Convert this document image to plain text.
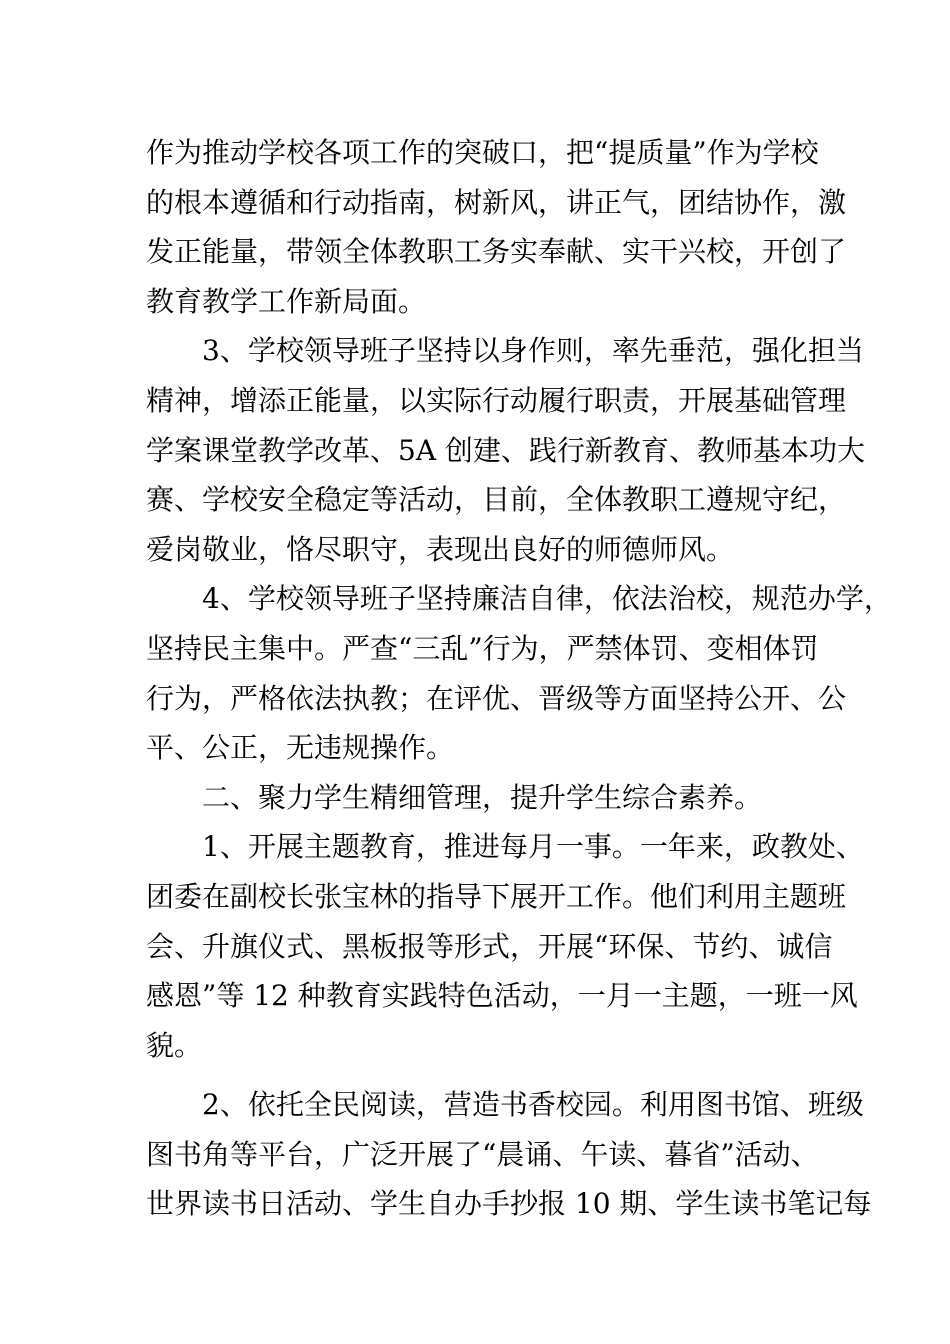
作为推动学校各项工作的突破口，把“提质量”作为学校
的根本遵循和行动指南，树新风，讲正气，团结协作，激
发正能量，带领全体教职工务实奉献、实干兴校，开创了
教育教学工作新局面。
3、学校领导班子坚持以身作则，率先垂范，强化担当
精神，增添正能量，以实际行动履行职责，开展基础管理
学案课堂教学改革、5A 创建、践行新教育、教师基本功大
赛、学校安全稳定等活动，目前，全体教职工遵规守纪，
爱岗敬业，恪尽职守，表现出良好的师德师风。
4、学校领导班子坚持廉洁自律，依法治校，规范办学，
坚持民主集中。严查“三乱”行为，严禁体罚、变相体罚
行为，严格依法执教；在评优、晋级等方面坚持公开、公
平、公正，无违规操作。
二、聚力学生精细管理，提升学生综合素养。
1、开展主题教育，推进每月一事。一年来，政教处、
团委在副校长张宝林的指导下展开工作。他们利用主题班
会、升旗仪式、黑板报等形式，开展“环保、节约、诚信
感恩”等 12 种教育实践特色活动，一月一主题，一班一风
貌。
2、依托全民阅读，营造书香校园。利用图书馆、班级
图书角等平台，广泛开展了“晨诵、午读、暮省”活动、
世界读书日活动、学生自办手抄报 10 期、学生读书笔记每
